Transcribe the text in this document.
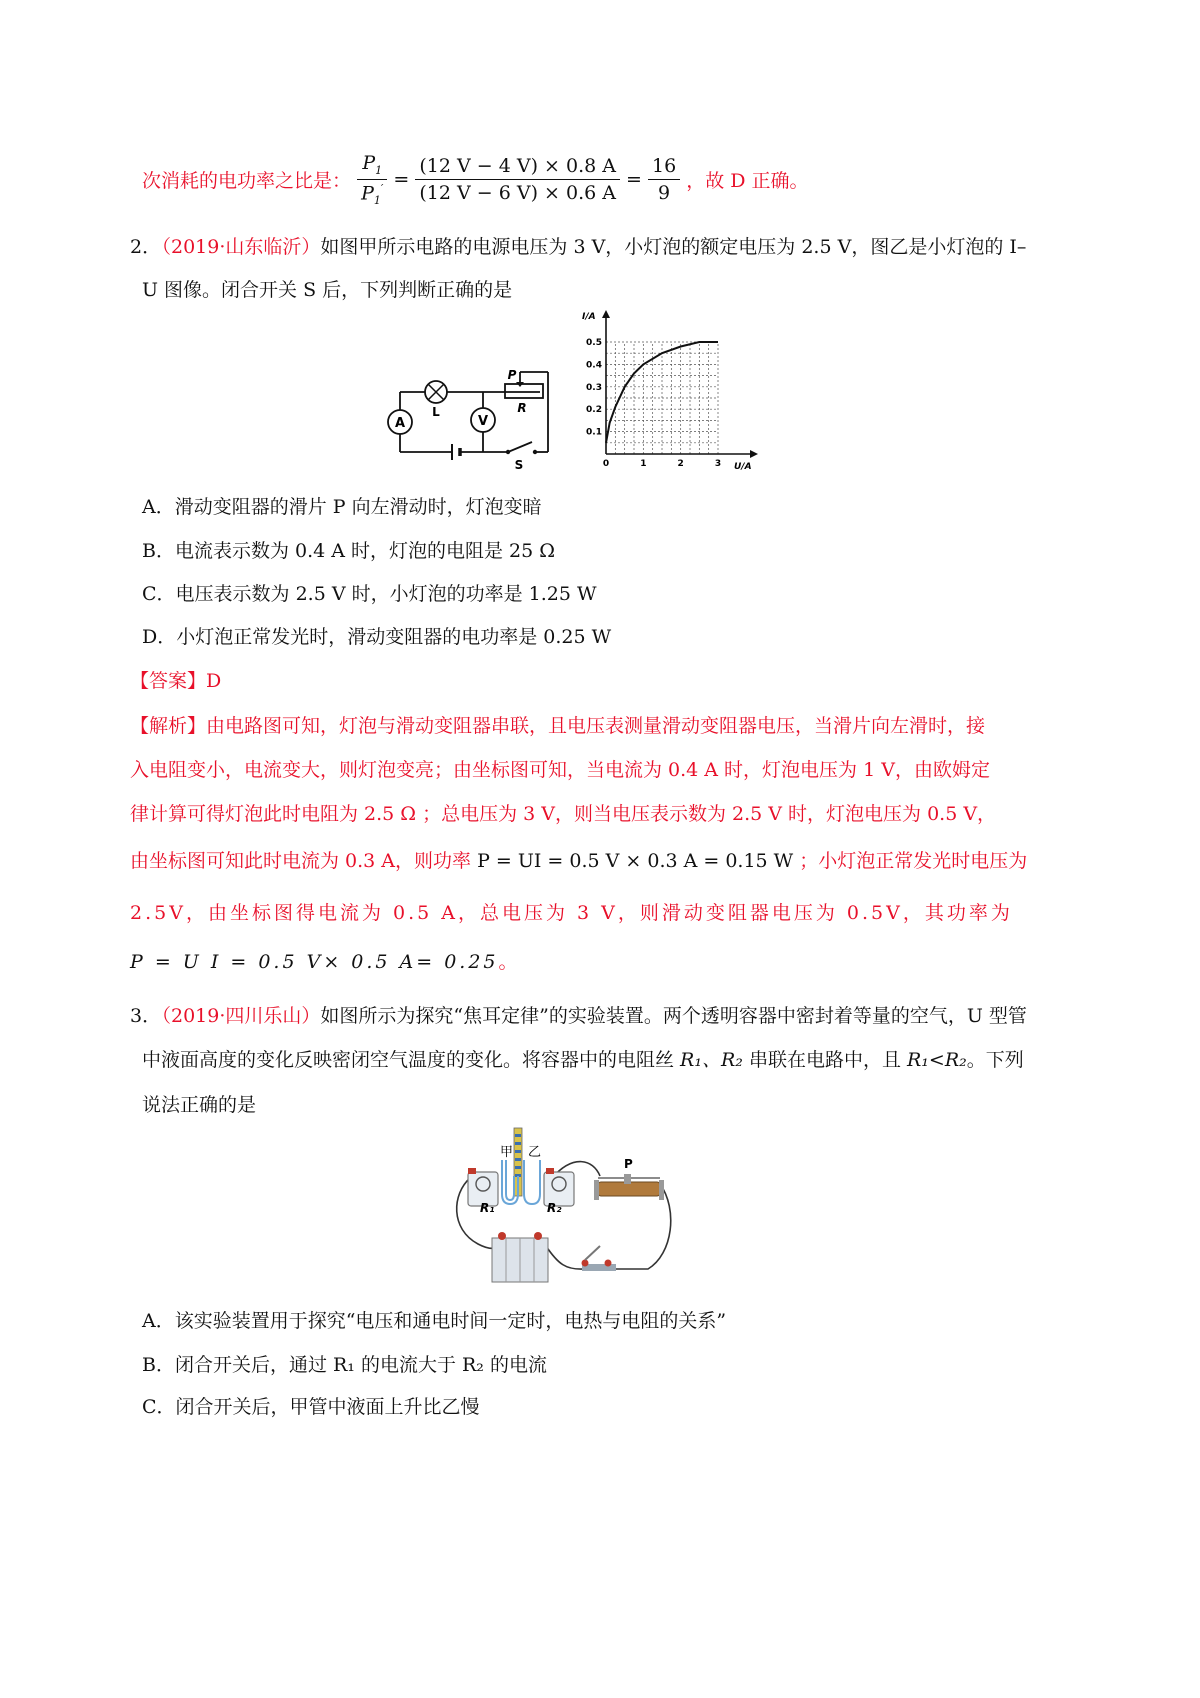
次消耗的电功率之比是： $\frac{P_1}{P_1'} = \frac{(12 V - 4 V) \times 0.8 A}{(12 V - 6 V) \times 0.6 A} = \frac{16}{9}$ ，故 D 正确。
2．
（2019·山东临沂）如图甲所示电路的电源电压为 3 V，小灯泡的额定电压为 2.5 V，图乙是小灯泡的 I–
U 图像。闭合开关 S 后，下列判断正确的是
A
L
V
P
R
S	0	1	2	3
0.1
0.2
0.3
0.4
0.5
I/A
U/A
A．滑动变阻器的滑片 P 向左滑动时，灯泡变暗
B．电流表示数为 0.4 A 时，灯泡的电阻是 25 Ω
C．电压表示数为 2.5 V 时，小灯泡的功率是 1.25 W
D．小灯泡正常发光时，滑动变阻器的电功率是 0.25 W
【答案】D
【解析】由电路图可知，灯泡与滑动变阻器串联，且电压表测量滑动变阻器电压，当滑片向左滑时，接
入电阻变小，电流变大，则灯泡变亮；由坐标图可知，当电流为 0.4 A 时，灯泡电压为 1 V，由欧姆定
律计算可得灯泡此时电阻为 2.5 Ω ；总电压为 3 V，则当电压表示数为 2.5 V 时，灯泡电压为 0.5 V，
由坐标图可知此时电流为 0.3 A，则功率 P = UI = 0.5 V × 0.3 A = 0.15 W ；小灯泡正常发光时电压为
2.5V，由坐标图得电流为 0.5 A，总电压为 3 V，则滑动变阻器电压为 0.5V，其功率为
P = U I = 0.5 V× 0.5 A= 0.25。
3．
（2019·四川乐山）如图所示为探究“焦耳定律”的实验装置。两个透明容器中密封着等量的空气，U 型管
中液面高度的变化反映密闭空气温度的变化。将容器中的电阻丝 R₁、R₂ 串联在电路中，且 R₁<R₂。下列
说法正确的是
甲 乙
P
R₁	R₂
A．该实验装置用于探究“电压和通电时间一定时，电热与电阻的关系”
B．闭合开关后，通过 R₁ 的电流大于 R₂ 的电流
C．闭合开关后，甲管中液面上升比乙慢
